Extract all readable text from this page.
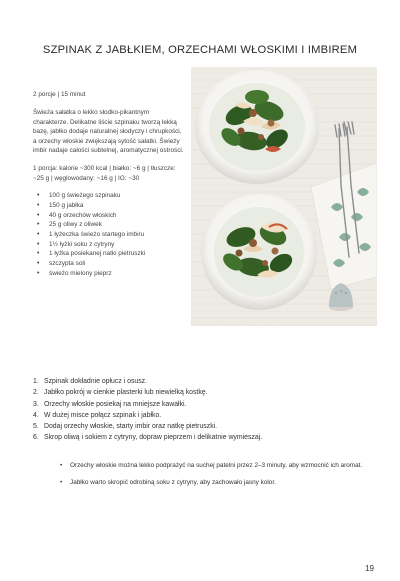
SZPINAK Z JABŁKIEM, ORZECHAMI WŁOSKIMI I IMBIREM

2 porcje | 15 minut

Świeża sałatka o lekko słodko-pikantnym charakterze. Delikatne liście szpinaku tworzą lekką bazę, jabłko dodaje naturalnej słodyczy i chrupkości, a orzechy włoskie zwiększają sytość sałatki. Świeży imbir nadaje całości subtelnej, aromatycznej ostrości.

1 porcja: kalorie ~300 kcal | białko: ~6 g | tłuszcze: ~25 g | węglowodany: ~16 g | IG: ~30

• 100 g świeżego szpinaku
• 150 g jabłka
• 40 g orzechów włoskich
• 25 g oliwy z oliwek
• 1 łyżeczka świeżo startego imbiru
• 1½ łyżki soku z cytryny
• 1 łyżka posiekanej natki pietruszki
• szczypta soli
• świeżo mielony pieprz
1. Szpinak dokładnie opłucz i osusz.
2. Jabłko pokrój w cienkie plasterki lub niewielką kostkę.
3. Orzechy włoskie posiekaj na mniejsze kawałki.
4. W dużej misce połącz szpinak i jabłko.
5. Dodaj orzechy włoskie, starty imbir oraz natkę pietruszki.
6. Skrop oliwą i sokiem z cytryny, dopraw pieprzem i delikatnie wymieszaj.
• Orzechy włoskie można lekko podprażyć na suchej patelni przez 2–3 minuty, aby wzmocnić ich aromat.
• Jabłko warto skropić odrobiną soku z cytryny, aby zachowało jasny kolor.
19
